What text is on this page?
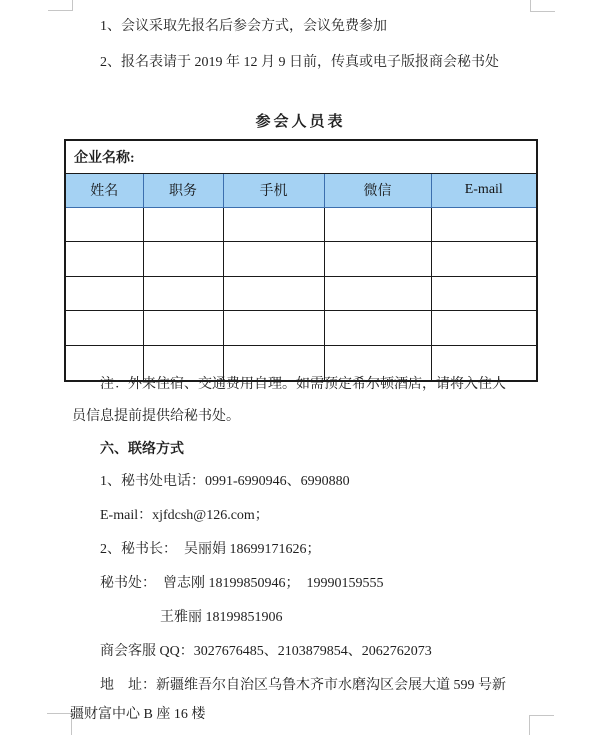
1、会议采取先报名后参会方式，会议免费参加
2、报名表请于 2019 年 12 月 9 日前，传真或电子版报商会秘书处
参会人员表
企业名称:				
姓名	职务	手机	微信	E-mail

注：外来住宿、交通费用自理。如需预定希尔顿酒店，请将入住人
员信息提前提供给秘书处。
六、联络方式
1、秘书处电话：0991-6990946、6990880
E-mail：xjfdcsh@126.com；
2、秘书长：　吴丽娟 18699171626；
秘书处：　曾志刚 18199850946；　19990159555
王雅丽 18199851906
商会客服 QQ：3027676485、2103879854、2062762073
地　址：新疆维吾尔自治区乌鲁木齐市水磨沟区会展大道 599 号新
疆财富中心 B 座 16 楼
